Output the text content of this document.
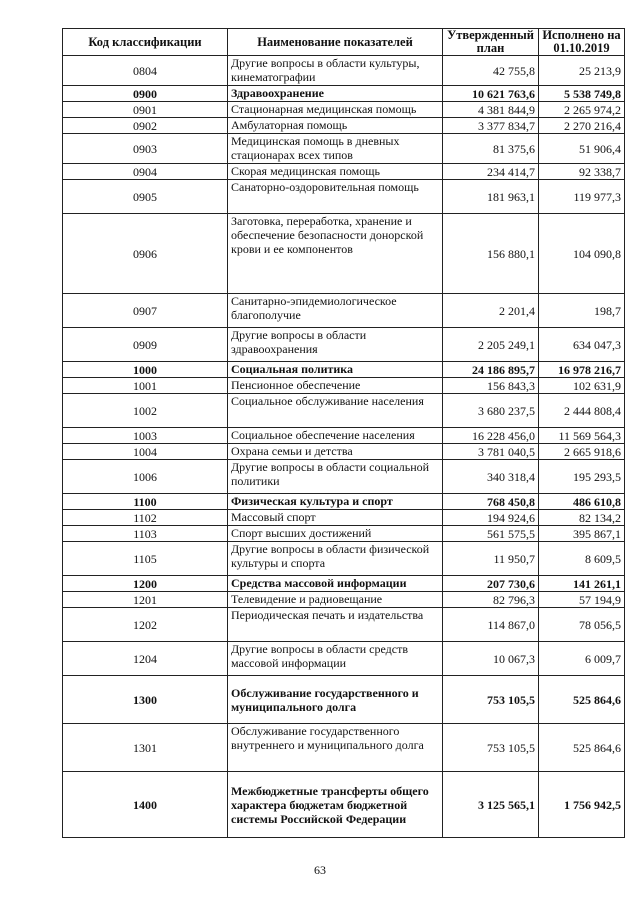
Код классификации	Наименование показателей	Утвержденный план	Исполнено на 01.10.2019
0804	Другие вопросы в области культуры, кинематографии	42 755,8	25 213,9
0900	Здравоохранение	10 621 763,6	5 538 749,8
0901	Стационарная медицинская помощь	4 381 844,9	2 265 974,2
0902	Амбулаторная помощь	3 377 834,7	2 270 216,4
0903	Медицинская помощь в дневных стационарах всех типов	81 375,6	51 906,4
0904	Скорая медицинская помощь	234 414,7	92 338,7
0905	Санаторно-оздоровительная помощь	181 963,1	119 977,3
0906	Заготовка, переработка, хранение и обеспечение безопасности донорской крови и ее компонентов	156 880,1	104 090,8
0907	Санитарно-эпидемиологическое благополучие	2 201,4	198,7
0909	Другие вопросы в области здравоохранения	2 205 249,1	634 047,3
1000	Социальная политика	24 186 895,7	16 978 216,7
1001	Пенсионное обеспечение	156 843,3	102 631,9
1002	Социальное обслуживание населения	3 680 237,5	2 444 808,4
1003	Социальное обеспечение населения	16 228 456,0	11 569 564,3
1004	Охрана семьи и детства	3 781 040,5	2 665 918,6
1006	Другие вопросы в области социальной политики	340 318,4	195 293,5
1100	Физическая культура и спорт	768 450,8	486 610,8
1102	Массовый спорт	194 924,6	82 134,2
1103	Спорт высших достижений	561 575,5	395 867,1
1105	Другие вопросы в области физической культуры и спорта	11 950,7	8 609,5
1200	Средства массовой информации	207 730,6	141 261,1
1201	Телевидение и радиовещание	82 796,3	57 194,9
1202	Периодическая печать и издательства	114 867,0	78 056,5
1204	Другие вопросы в области средств массовой информации	10 067,3	6 009,7
1300	Обслуживание государственного и муниципального долга	753 105,5	525 864,6
1301	Обслуживание государственного внутреннего и муниципального долга	753 105,5	525 864,6
1400	Межбюджетные трансферты общего характера бюджетам бюджетной системы Российской Федерации	3 125 565,1	1 756 942,5
63
